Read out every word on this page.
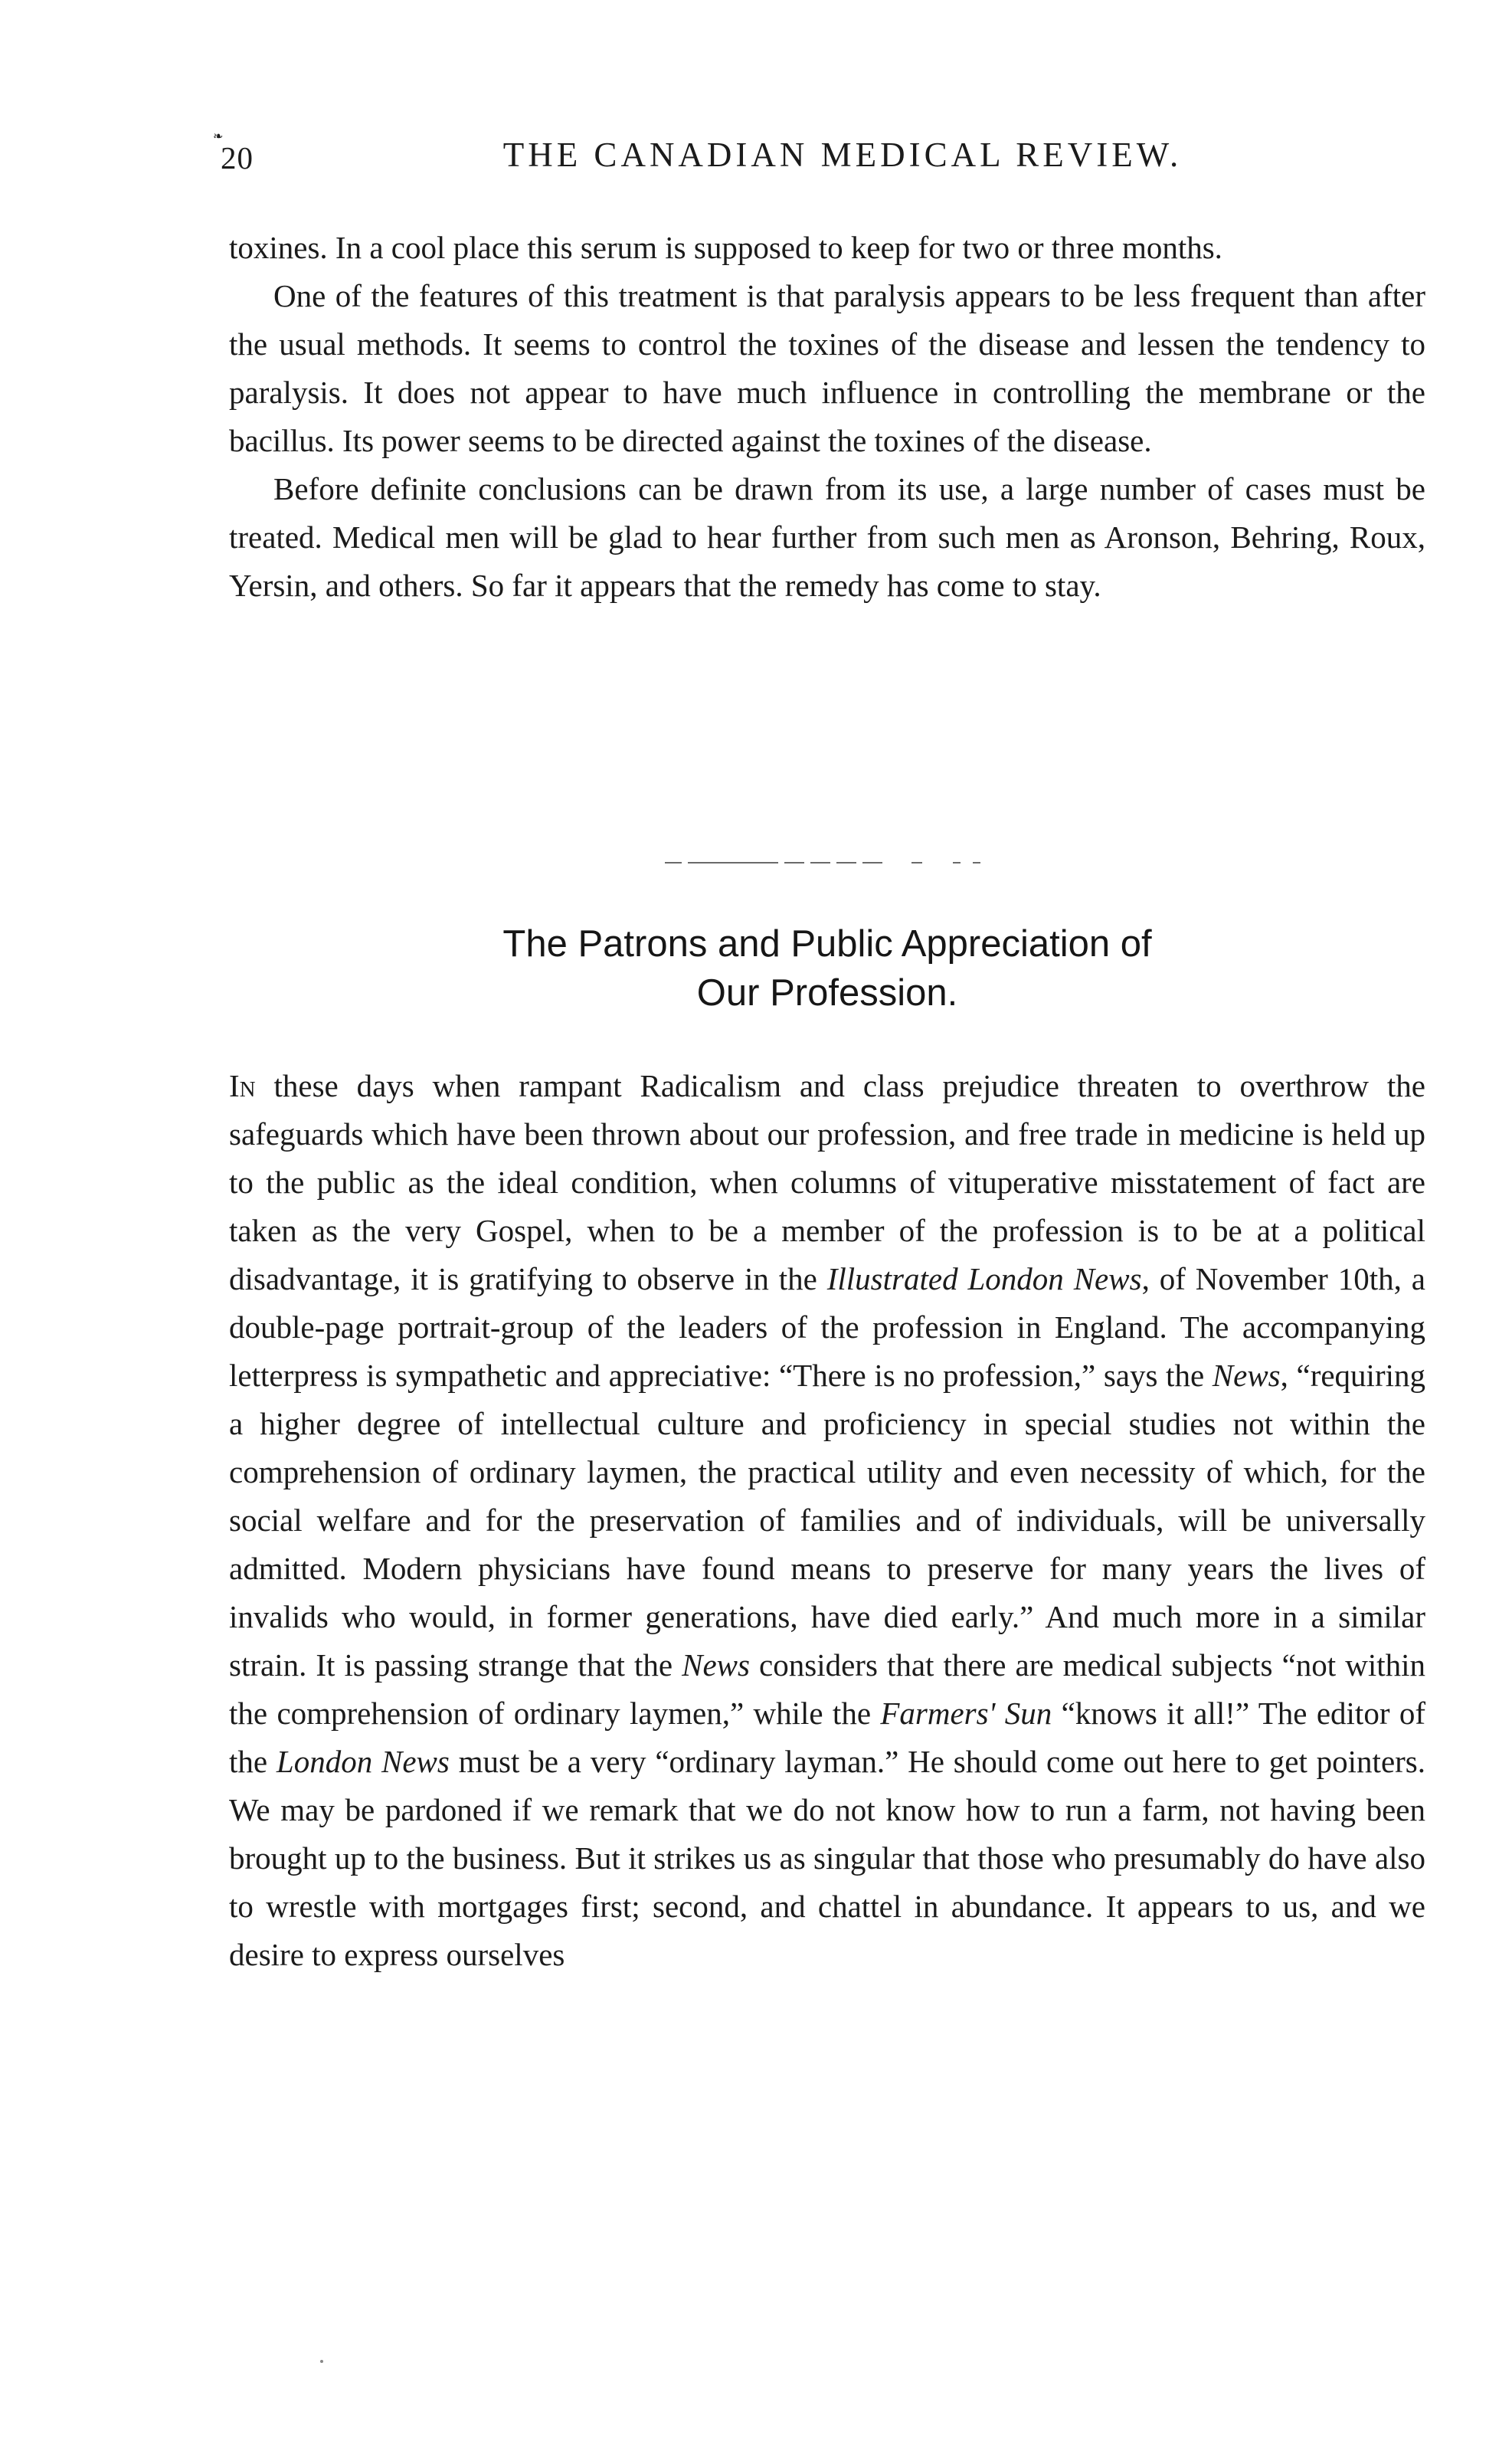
❧ 20	THE CANADIAN MEDICAL REVIEW.

toxines. In a cool place this serum is supposed to keep for two or three months.

One of the features of this treatment is that paralysis appears to be less frequent than after the usual methods. It seems to control the toxines of the disease and lessen the tendency to paralysis. It does not appear to have much influence in controlling the membrane or the bacillus. Its power seems to be directed against the toxines of the disease.

Before definite conclusions can be drawn from its use, a large number of cases must be treated. Medical men will be glad to hear further from such men as Aronson, Behring, Roux, Yersin, and others. So far it appears that the remedy has come to stay.

The Patrons and Public Appreciation of
Our Profession.

In these days when rampant Radicalism and class prejudice threaten to overthrow the safeguards which have been thrown about our profession, and free trade in medicine is held up to the public as the ideal condition, when columns of vituperative misstatement of fact are taken as the very Gospel, when to be a member of the profession is to be at a political disadvantage, it is gratifying to observe in the Illustrated London News, of November 10th, a double-page portrait-group of the leaders of the profession in England. The accompanying letterpress is sympathetic and appreciative: “There is no profession,” says the News, “requiring a higher degree of intellectual culture and proficiency in special studies not within the comprehension of ordinary laymen, the practical utility and even necessity of which, for the social welfare and for the preservation of families and of individuals, will be universally admitted. Modern physicians have found means to preserve for many years the lives of invalids who would, in former generations, have died early.” And much more in a similar strain. It is passing strange that the News considers that there are medical subjects “not within the comprehension of ordinary laymen,” while the Farmers' Sun “knows it all!” The editor of the London News must be a very “ordinary layman.” He should come out here to get pointers. We may be pardoned if we remark that we do not know how to run a farm, not having been brought up to the business. But it strikes us as singular that those who presumably do have also to wrestle with mortgages first; second, and chattel in abundance. It appears to us, and we desire to express ourselves
